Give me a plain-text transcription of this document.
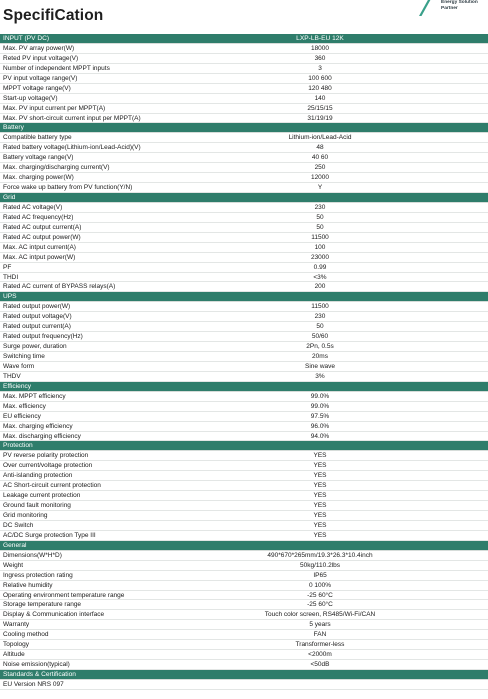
SpecifiCation
Energy Solution
Partner
INPUT (PV DC)	LXP-LB-EU 12K
Max. PV array power(W)	18000
Reted PV input voltage(V)	360
Number of independent MPPT inputs	3
PV input voltage range(V)	100 600
MPPT voltage range(V)	120 480
Start-up voltage(V)	140
Max. PV input current per MPPT(A)	25/15/15
Max. PV short-circuit current input per MPPT(A)	31/19/19
Battery
Compatible battery type	Lithium-ion/Lead-Acid
Rated battery voltage(Lithium-ion/Lead-Acid)(V)	48
Battery voltage range(V)	40 60
Max. charging/discharging current(V)	250
Max. charging power(W)	12000
Force wake up battery from PV function(Y/N)	Y
Grid
Rated AC voltage(V)	230
Rated AC frequency(Hz)	50
Rated AC output current(A)	50
Rated AC output power(W)	11500
Max. AC intput current(A)	100
Max. AC intput power(W)	23000
PF	0.99
THDI	<3%
Rated AC current of BYPASS relays(A)	200
UPS
Rated output power(W)	11500
Rated output voltage(V)	230
Rated output current(A)	50
Rated output frequency(Hz)	50/60
Surge power, duration	2Pn, 0.5s
Switching time	20ms
Wave form	Sine wave
THDV	3%
Efficiency
Max. MPPT efficiency	99.0%
Max. efficiency	99.0%
EU efficiency	97.5%
Max. charging efficiency	96.0%
Max. discharging efficiency	94.0%
Protection
PV reverse polarity protection	YES
Over current/voltage protection	YES
Anti-islanding protection	YES
AC Short-circuit current protection	YES
Leakage current protection	YES
Ground fault monitoring	YES
Grid monitoring	YES
DC Switch	YES
AC/DC Surge protection Type III	YES
General
Dimensions(W*H*D)	490*670*265mm/19.3*26.3*10.4inch
Weight	50kg/110.2lbs
Ingress protection rating	IP65
Relative humidity	0 100%
Operating environment temperature range	-25 60°C
Storage temperature range	-25 60°C
Display & Communication interface	Touch color screen, RS485/Wi-Fi/CAN
Warranty	5 years
Cooling method	FAN
Topology	Transformer-less
Altitude	<2000m
Noise emission(typical)	<50dB
Standards & Certification
EU Version NRS 097
